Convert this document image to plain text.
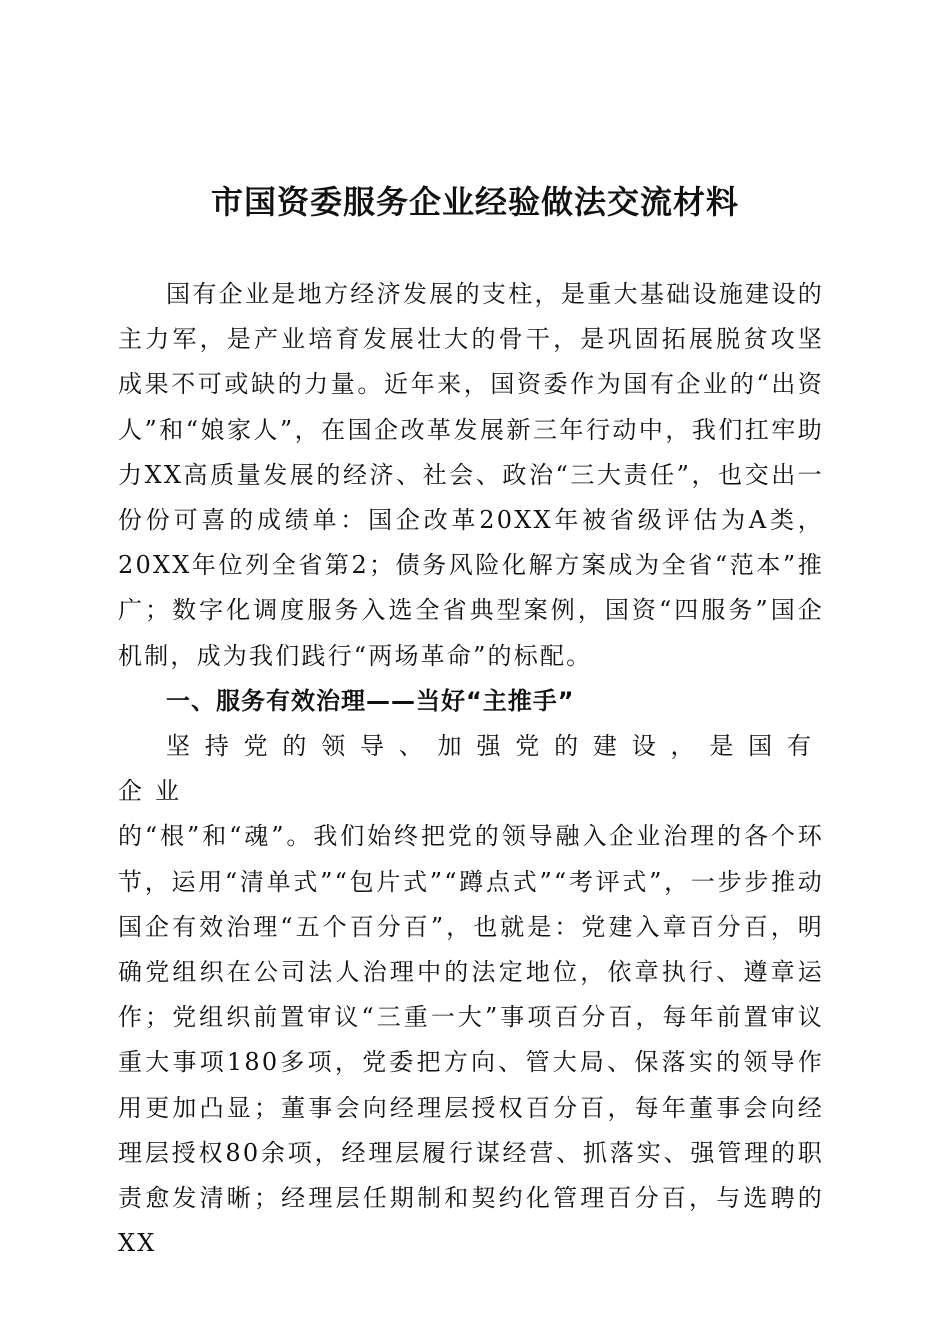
市国资委服务企业经验做法交流材料

国有企业是地方经济发展的支柱，是重大基础设施建设的主力军，是产业培育发展壮大的骨干，是巩固拓展脱贫攻坚成果不可或缺的力量。近年来，国资委作为国有企业的“出资人”和“娘家人”，在国企改革发展新三年行动中，我们扛牢助力XX高质量发展的经济、社会、政治“三大责任”，也交出一份份可喜的成绩单：国企改革20XX年被省级评估为A类，20XX年位列全省第2；债务风险化解方案成为全省“范本”推广；数字化调度服务入选全省典型案例，国资“四服务”国企机制，成为我们践行“两场革命”的标配。

一、服务有效治理——当好“主推手”

坚持党的领导、加强党的建设，是国有企业

的“根”和“魂”。我们始终把党的领导融入企业治理的各个环节，运用“清单式”“包片式”“蹲点式”“考评式”，一步步推动国企有效治理“五个百分百”，也就是：党建入章百分百，明确党组织在公司法人治理中的法定地位，依章执行、遵章运作；党组织前置审议“三重一大”事项百分百，每年前置审议重大事项180多项，党委把方向、管大局、保落实的领导作用更加凸显；董事会向经理层授权百分百，每年董事会向经理层授权80余项，经理层履行谋经营、抓落实、强管理的职责愈发清晰；经理层任期制和契约化管理百分百，与选聘的XX
